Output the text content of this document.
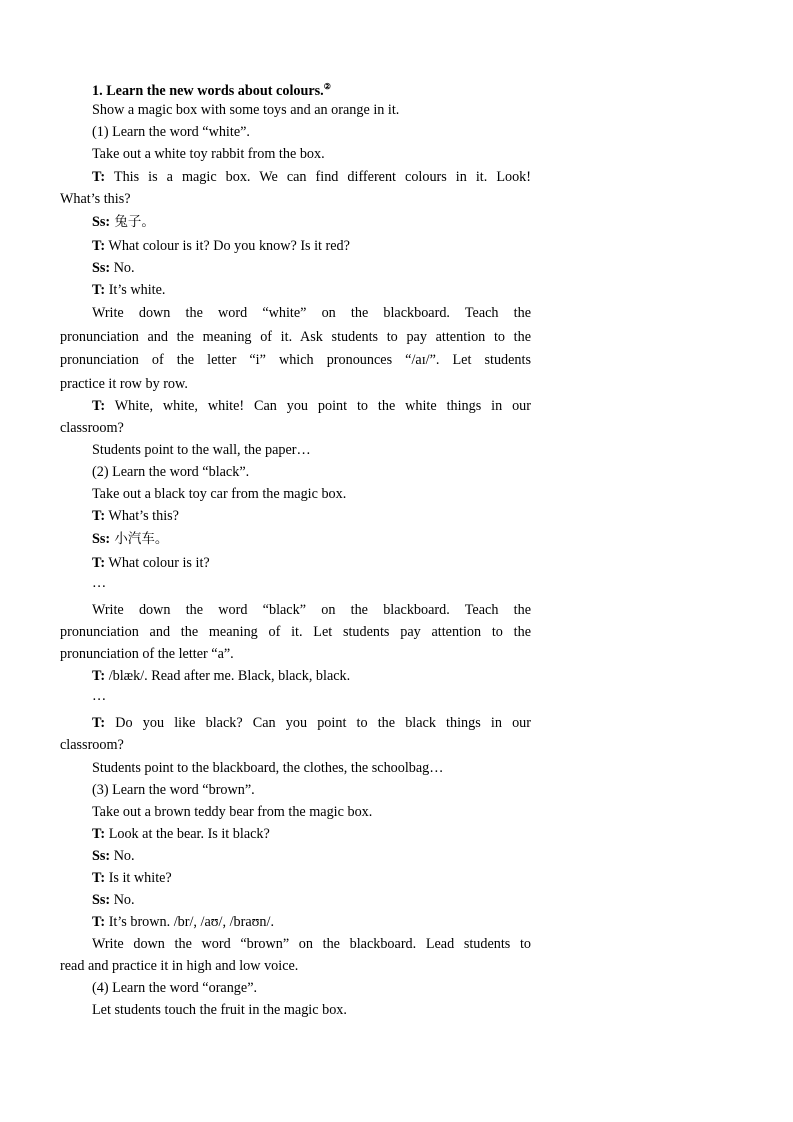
1. Learn the new words about colours.②
Show a magic box with some toys and an orange in it.
(1) Learn the word “white”.
Take out a white toy rabbit from the box.
T: This is a magic box. We can find different colours in it. Look!
What’s this?
Ss: 兔子。
T: What colour is it? Do you know? Is it red?
Ss: No.
T: It’s white.
Write down the word “white” on the blackboard. Teach the
pronunciation and the meaning of it. Ask students to pay attention to the
pronunciation of the letter “i” which pronounces “/aɪ/”. Let students
practice it row by row.
T: White, white, white! Can you point to the white things in our
classroom?
Students point to the wall, the paper…
(2) Learn the word “black”.
Take out a black toy car from the magic box.
T: What’s this?
Ss: 小汽车。
T: What colour is it?
…
Write down the word “black” on the blackboard. Teach the
pronunciation and the meaning of it. Let students pay attention to the
pronunciation of the letter “a”.
T: /blæk/. Read after me. Black, black, black.
…
T: Do you like black? Can you point to the black things in our
classroom?
Students point to the blackboard, the clothes, the schoolbag…
(3) Learn the word “brown”.
Take out a brown teddy bear from the magic box.
T: Look at the bear. Is it black?
Ss: No.
T: Is it white?
Ss: No.
T: It’s brown. /br/, /aʊ/, /braʊn/.
Write down the word “brown” on the blackboard. Lead students to
read and practice it in high and low voice.
(4) Learn the word “orange”.
Let students touch the fruit in the magic box.
